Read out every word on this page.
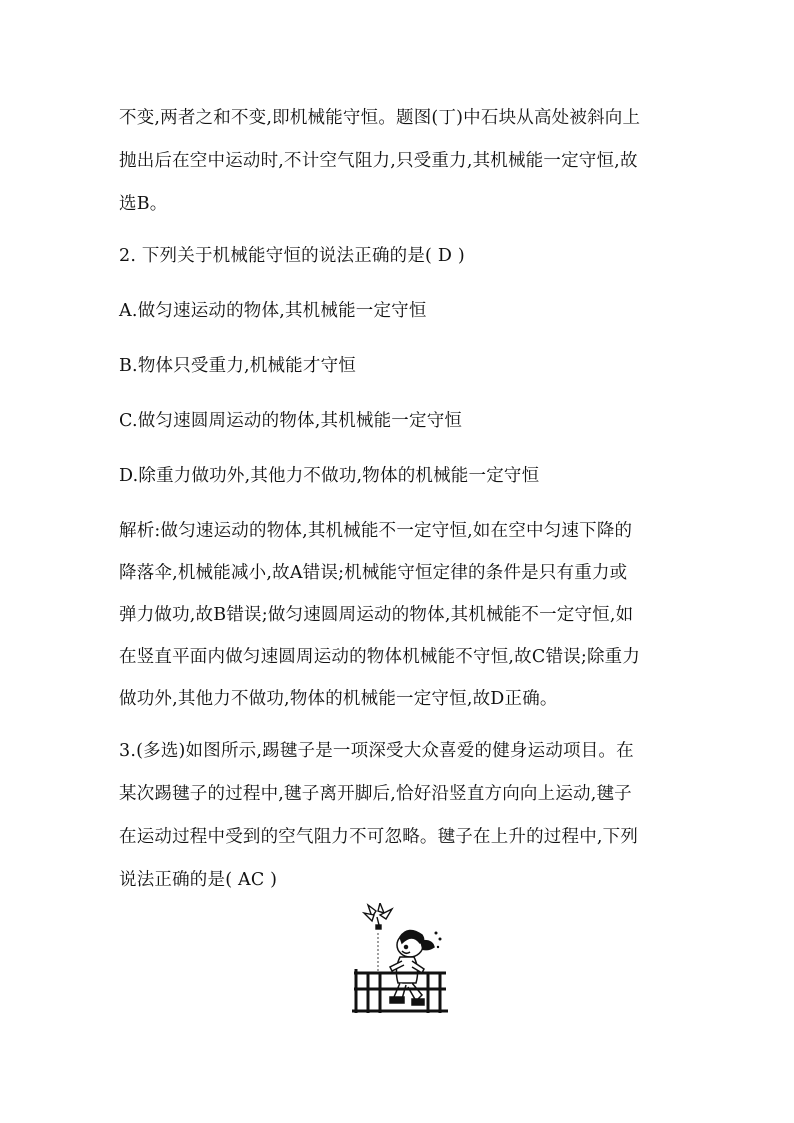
不变,两者之和不变,即机械能守恒。题图(丁)中石块从高处被斜向上
抛出后在空中运动时,不计空气阻力,只受重力,其机械能一定守恒,故
选B。
2. 下列关于机械能守恒的说法正确的是( D )
A.做匀速运动的物体,其机械能一定守恒
B.物体只受重力,机械能才守恒
C.做匀速圆周运动的物体,其机械能一定守恒
D.除重力做功外,其他力不做功,物体的机械能一定守恒
解析:做匀速运动的物体,其机械能不一定守恒,如在空中匀速下降的
降落伞,机械能减小,故A错误;机械能守恒定律的条件是只有重力或
弹力做功,故B错误;做匀速圆周运动的物体,其机械能不一定守恒,如
在竖直平面内做匀速圆周运动的物体机械能不守恒,故C错误;除重力
做功外,其他力不做功,物体的机械能一定守恒,故D正确。
3.(多选)如图所示,踢毽子是一项深受大众喜爱的健身运动项目。在
某次踢毽子的过程中,毽子离开脚后,恰好沿竖直方向向上运动,毽子
在运动过程中受到的空气阻力不可忽略。毽子在上升的过程中,下列
说法正确的是( AC )
